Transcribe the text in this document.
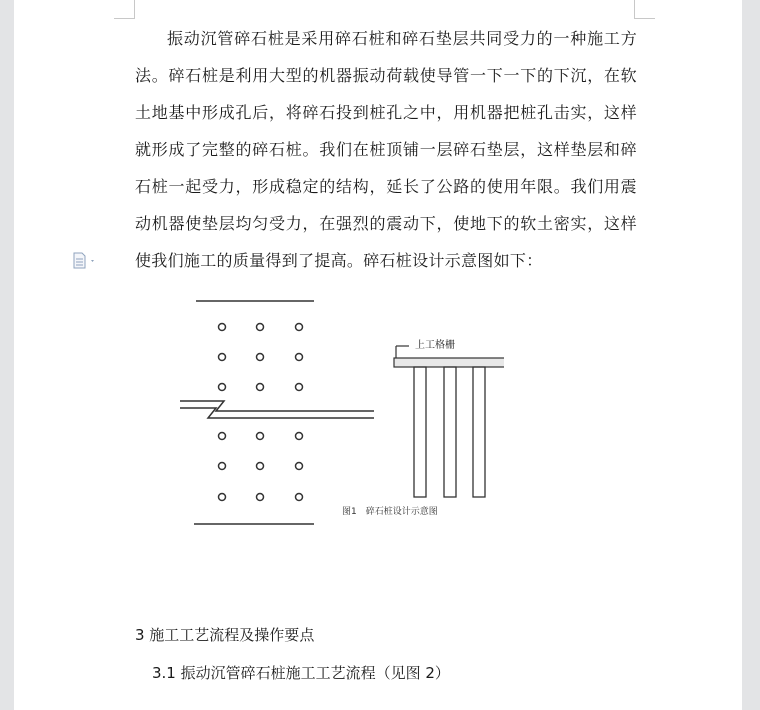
振动沉管碎石桩是采用碎石桩和碎石垫层共同受力的一种施工方法。碎石桩是利用大型的机器振动荷载使导管一下一下的下沉，在软土地基中形成孔后，将碎石投到桩孔之中，用机器把桩孔击实，这样就形成了完整的碎石桩。我们在桩顶铺一层碎石垫层，这样垫层和碎石桩一起受力，形成稳定的结构，延长了公路的使用年限。我们用震动机器使垫层均匀受力，在强烈的震动下，使地下的软土密实，这样使我们施工的质量得到了提高。碎石桩设计示意图如下：

上工格栅
图1　碎石桩设计示意图
3 施工工艺流程及操作要点
3.1 振动沉管碎石桩施工工艺流程（见图 2）
